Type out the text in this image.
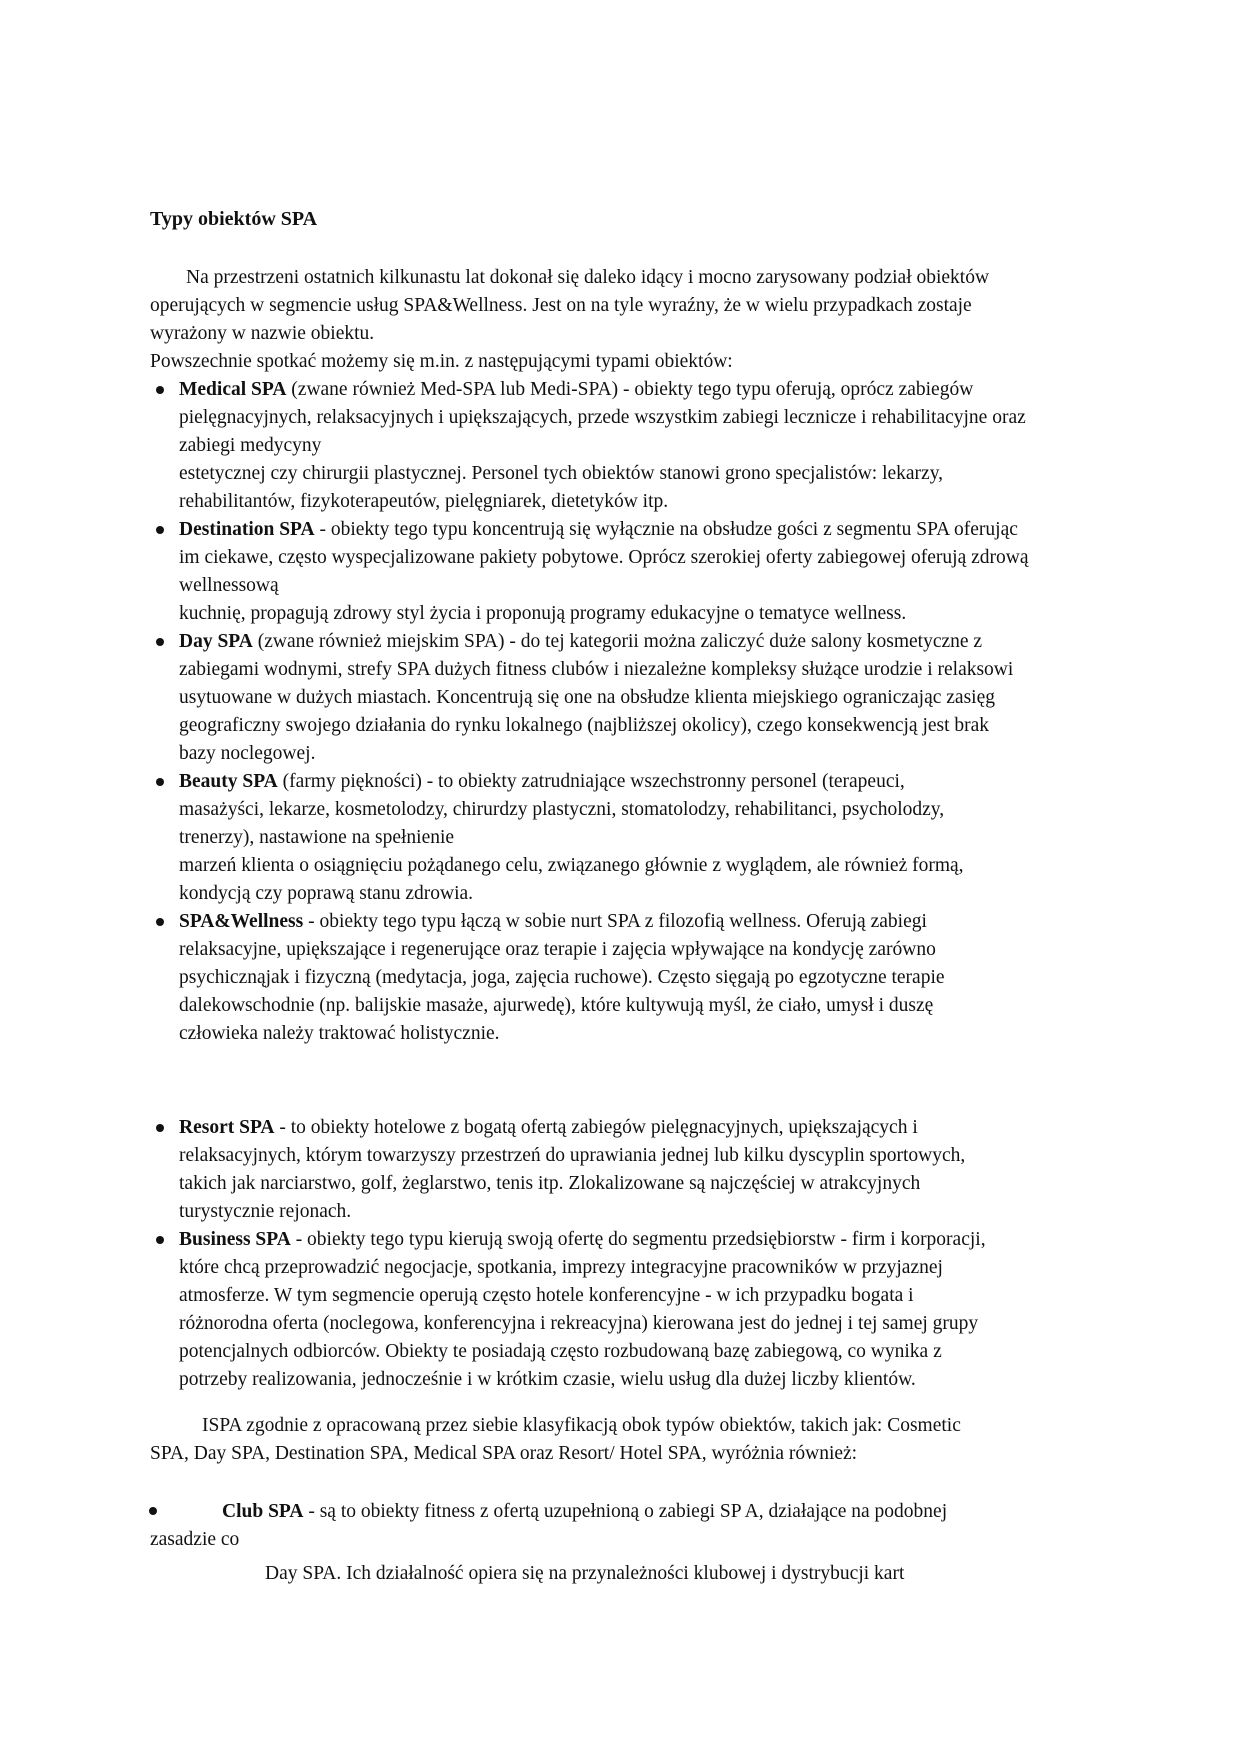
Typy obiektów SPA
Na przestrzeni ostatnich kilkunastu lat dokonał się daleko idący i mocno zarysowany podział obiektów
operujących w segmencie usług SPA&Wellness. Jest on na tyle wyraźny, że w wielu przypadkach zostaje
wyrażony w nazwie obiektu.
Powszechnie spotkać możemy się m.in. z następującymi typami obiektów:
Medical SPA (zwane również Med-SPA lub Medi-SPA) - obiekty tego typu oferują, oprócz zabiegów
pielęgnacyjnych, relaksacyjnych i upiększających, przede wszystkim zabiegi lecznicze i rehabilitacyjne oraz
zabiegi medycyny
estetycznej czy chirurgii plastycznej. Personel tych obiektów stanowi grono specjalistów: lekarzy,
rehabilitantów, fizykoterapeutów, pielęgniarek, dietetyków itp.
Destination SPA - obiekty tego typu koncentrują się wyłącznie na obsłudze gości z segmentu SPA oferując
im ciekawe, często wyspecjalizowane pakiety pobytowe. Oprócz szerokiej oferty zabiegowej oferują zdrową
wellnessową
kuchnię, propagują zdrowy styl życia i proponują programy edukacyjne o tematyce wellness.
Day SPA (zwane również miejskim SPA) - do tej kategorii można zaliczyć duże salony kosmetyczne z
zabiegami wodnymi, strefy SPA dużych fitness clubów i niezależne kompleksy służące urodzie i relaksowi
usytuowane w dużych miastach. Koncentrują się one na obsłudze klienta miejskiego ograniczając zasięg
geograficzny swojego działania do rynku lokalnego (najbliższej okolicy), czego konsekwencją jest brak
bazy noclegowej.
Beauty SPA (farmy piękności) - to obiekty zatrudniające wszechstronny personel (terapeuci,
masażyści, lekarze, kosmetolodzy, chirurdzy plastyczni, stomatolodzy, rehabilitanci, psycholodzy,
trenerzy), nastawione na spełnienie
marzeń klienta o osiągnięciu pożądanego celu, związanego głównie z wyglądem, ale również formą,
kondycją czy poprawą stanu zdrowia.
SPA&Wellness - obiekty tego typu łączą w sobie nurt SPA z filozofią wellness. Oferują zabiegi
relaksacyjne, upiększające i regenerujące oraz terapie i zajęcia wpływające na kondycję zarówno
psychicznąjak i fizyczną (medytacja, joga, zajęcia ruchowe). Często sięgają po egzotyczne terapie
dalekowschodnie (np. balijskie masaże, ajurwedę), które kultywują myśl, że ciało, umysł i duszę
człowieka należy traktować holistycznie.
Resort SPA - to obiekty hotelowe z bogatą ofertą zabiegów pielęgnacyjnych, upiększających i
relaksacyjnych, którym towarzyszy przestrzeń do uprawiania jednej lub kilku dyscyplin sportowych,
takich jak narciarstwo, golf, żeglarstwo, tenis itp. Zlokalizowane są najczęściej w atrakcyjnych
turystycznie rejonach.
Business SPA - obiekty tego typu kierują swoją ofertę do segmentu przedsiębiorstw - firm i korporacji,
które chcą przeprowadzić negocjacje, spotkania, imprezy integracyjne pracowników w przyjaznej
atmosferze. W tym segmencie operują często hotele konferencyjne - w ich przypadku bogata i
różnorodna oferta (noclegowa, konferencyjna i rekreacyjna) kierowana jest do jednej i tej samej grupy
potencjalnych odbiorców. Obiekty te posiadają często rozbudowaną bazę zabiegową, co wynika z
potrzeby realizowania, jednocześnie i w krótkim czasie, wielu usług dla dużej liczby klientów.
ISPA zgodnie z opracowaną przez siebie klasyfikacją obok typów obiektów, takich jak: Cosmetic
SPA, Day SPA, Destination SPA, Medical SPA oraz Resort/ Hotel SPA, wyróżnia również:
Club SPA - są to obiekty fitness z ofertą uzupełnioną o zabiegi SP A, działające na podobnej
zasadzie co
Day SPA. Ich działalność opiera się na przynależności klubowej i dystrybucji kart
